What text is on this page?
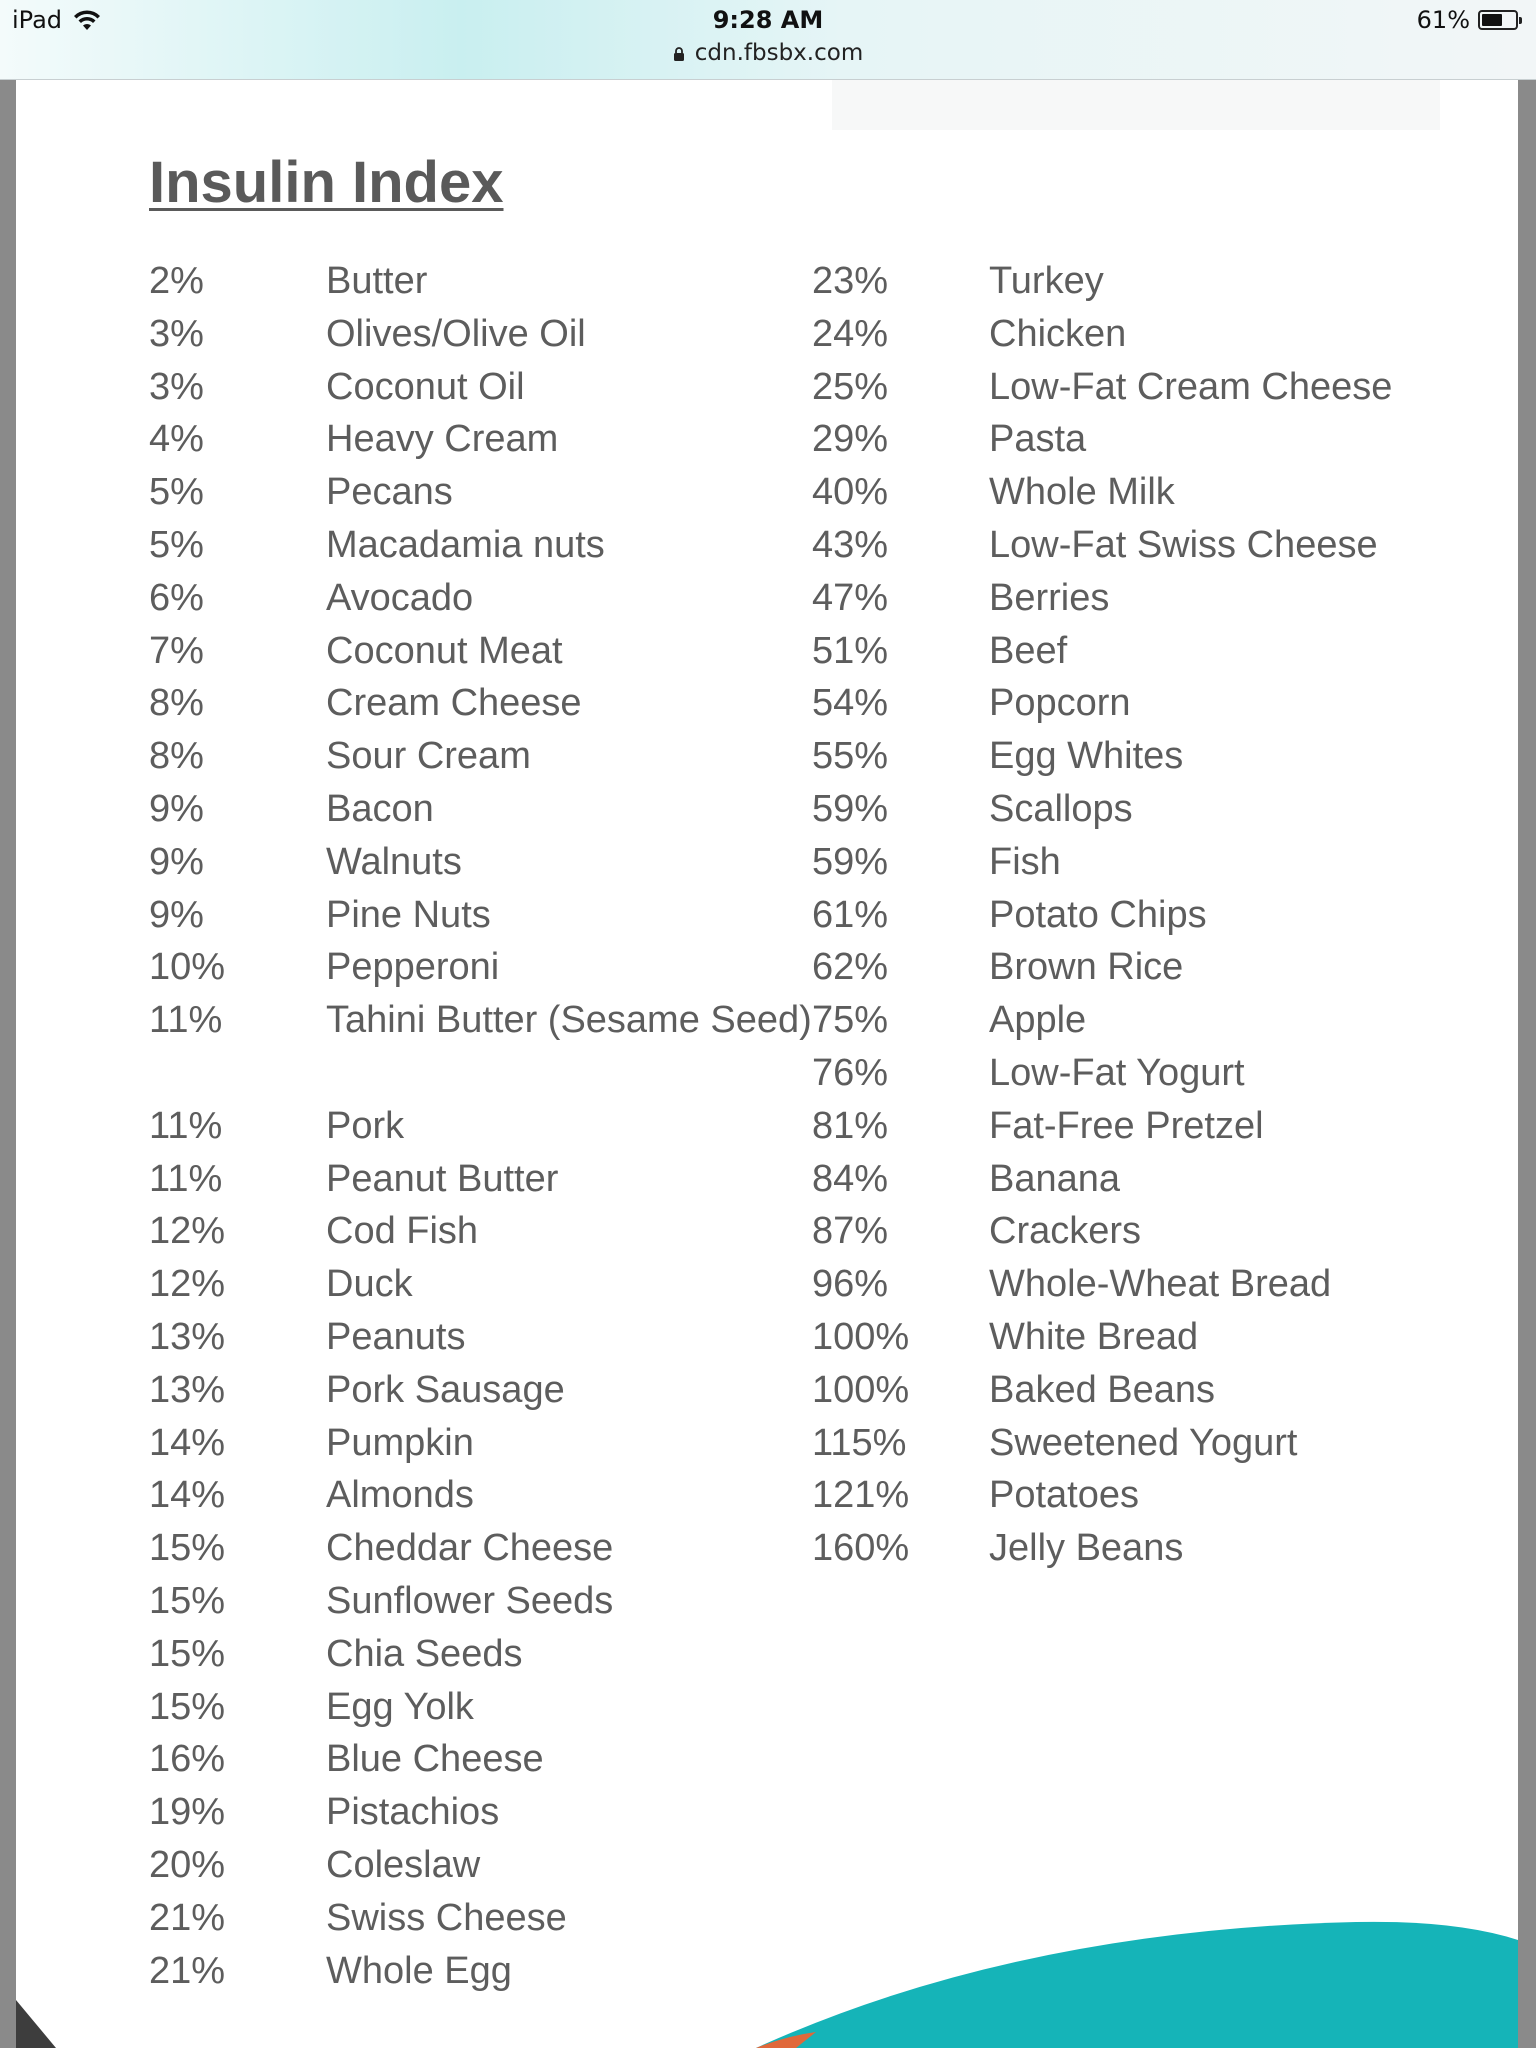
iPad	9:28 AM
cdn.fbsbx.com
61%
Insulin Index
2%	Butter
3%	Olives/Olive Oil
3%	Coconut Oil
4%	Heavy Cream
5%	Pecans
5%	Macadamia nuts
6%	Avocado
7%	Coconut Meat
8%	Cream Cheese
8%	Sour Cream
9%	Bacon
9%	Walnuts
9%	Pine Nuts
10%	Pepperoni
11%	Tahini Butter (Sesame Seed)
11%	Pork
11%	Peanut Butter
12%	Cod Fish
12%	Duck
13%	Peanuts
13%	Pork Sausage
14%	Pumpkin
14%	Almonds
15%	Cheddar Cheese
15%	Sunflower Seeds
15%	Chia Seeds
15%	Egg Yolk
16%	Blue Cheese
19%	Pistachios
20%	Coleslaw
21%	Swiss Cheese
21%	Whole Egg
23%	Turkey
24%	Chicken
25%	Low-Fat Cream Cheese
29%	Pasta
40%	Whole Milk
43%	Low-Fat Swiss Cheese
47%	Berries
51%	Beef
54%	Popcorn
55%	Egg Whites
59%	Scallops
59%	Fish
61%	Potato Chips
62%	Brown Rice
75%	Apple
76%	Low-Fat Yogurt
81%	Fat-Free Pretzel
84%	Banana
87%	Crackers
96%	Whole-Wheat Bread
100%	White Bread
100%	Baked Beans
115%	Sweetened Yogurt
121%	Potatoes
160%	Jelly Beans
